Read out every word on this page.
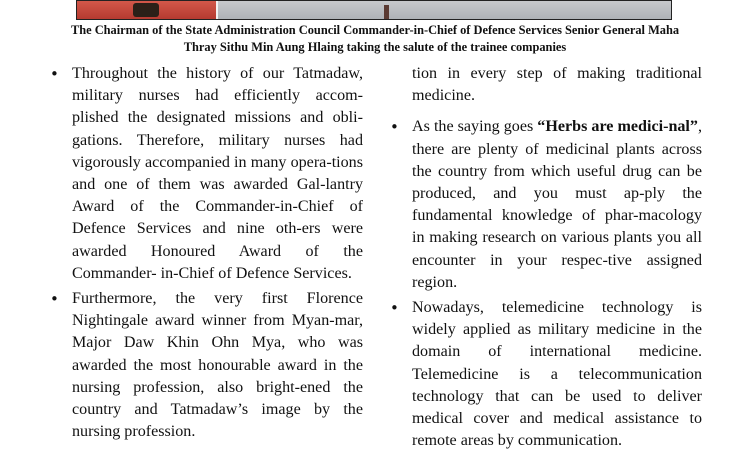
The Chairman of the State Administration Council Commander-in-Chief of Defence Services Senior General Maha
Thray Sithu Min Aung Hlaing taking the salute of the trainee companies
• Throughout the history of our Tatmadaw, military nurses had efficiently accom-plished the designated missions and obli-gations. Therefore, military nurses had vigorously accompanied in many opera-tions and one of them was awarded Gal-lantry Award of the Commander-in-Chief of Defence Services and nine oth-ers were awarded Honoured Award of the Commander- in-Chief of Defence Services.
• Furthermore, the very first Florence Nightingale award winner from Myan-mar, Major Daw Khin Ohn Mya, who was awarded the most honourable award in the nursing profession, also bright-ened the country and Tatmadaw’s image by the nursing profession.
tion in every step of making traditional medicine.
• As the saying goes “Herbs are medici-nal”, there are plenty of medicinal plants across the country from which useful drug can be produced, and you must ap-ply the fundamental knowledge of phar-macology in making research on various plants you all encounter in your respec-tive assigned region.
• Nowadays, telemedicine technology is widely applied as military medicine in the domain of international medicine. Telemedicine is a telecommunication technology that can be used to deliver medical cover and medical assistance to remote areas by communication.
